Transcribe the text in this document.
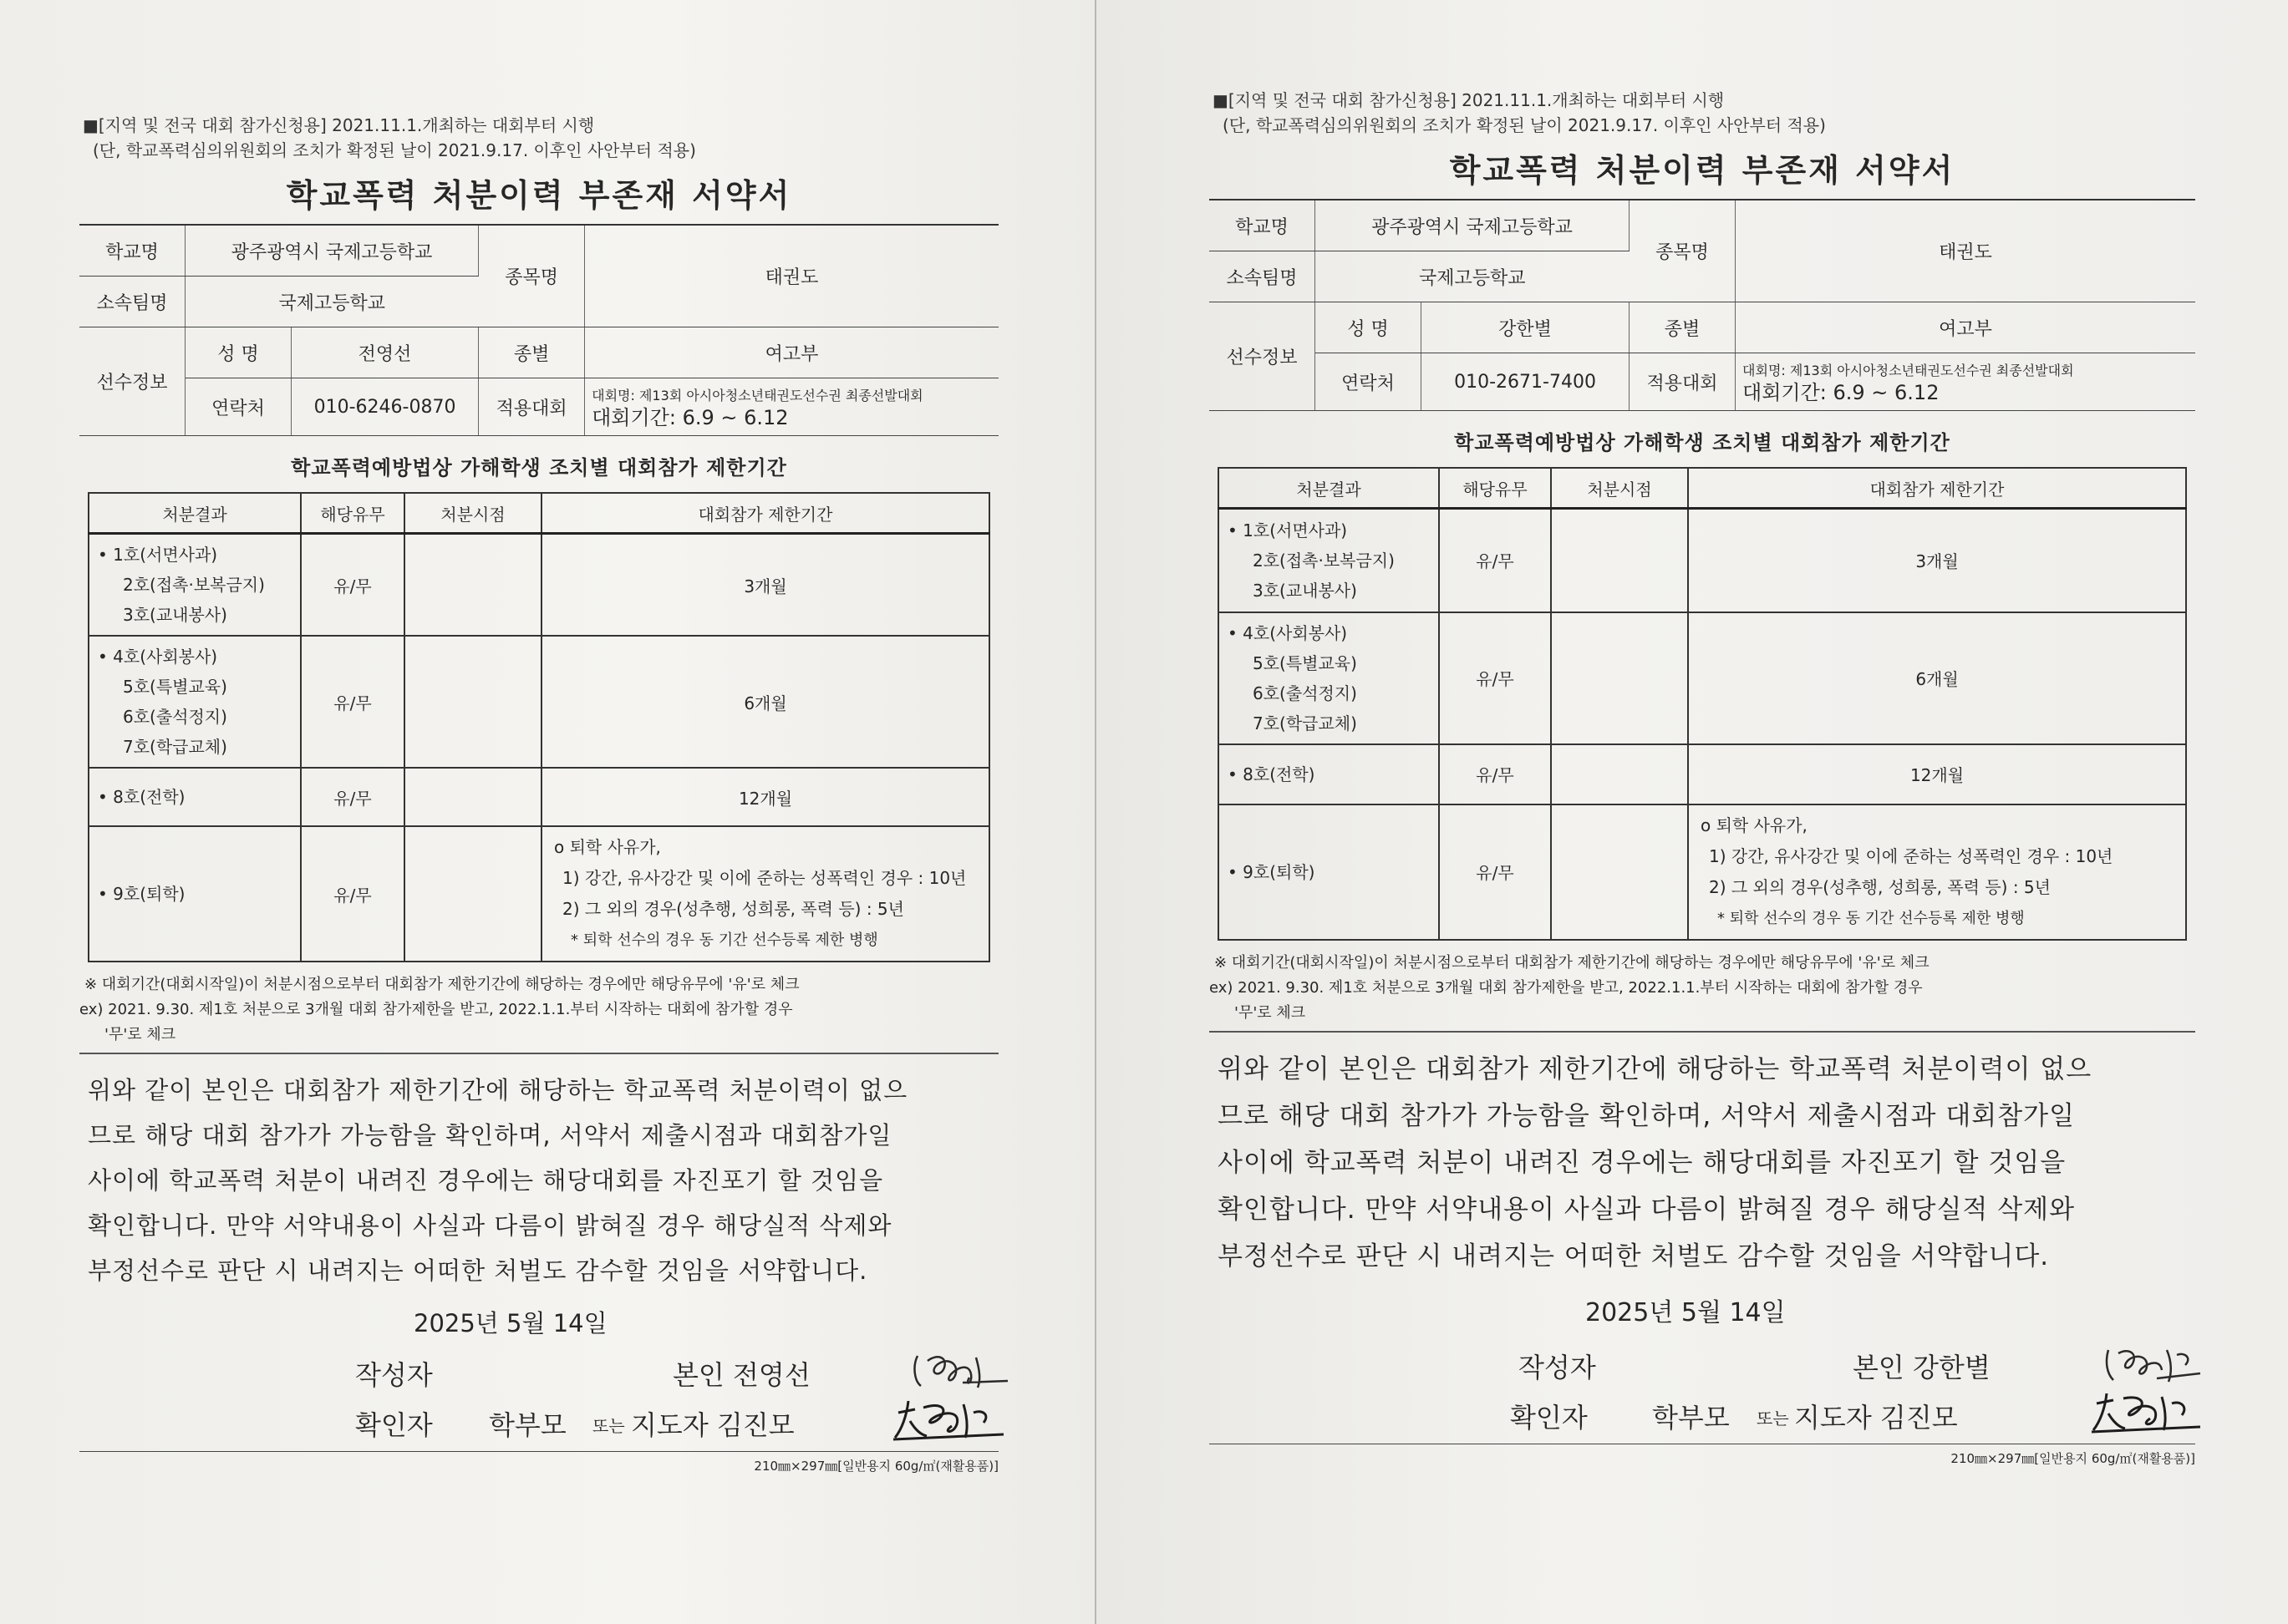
■[지역 및 전국 대회 참가신청용] 2021.11.1.개최하는 대회부터 시행
(단, 학교폭력심의위원회의 조치가 확정된 날이 2021.9.17. 이후인 사안부터 적용)
학교폭력 처분이력 부존재 서약서
학교명	광주광역시 국제고등학교		종목명	태권도
소속팀명	국제고등학교			
선수정보	성 명	전영선	종별	여고부
	연락처	010-6246-0870	적용대회	대회명: 제13회 아시아청소년태권도선수권 최종선발대회
대회기간: 6.9 ~ 6.12
학교폭력예방법상 가해학생 조치별 대회참가 제한기간
처분결과	해당유무	처분시점	대회참가 제한기간
• 1호(서면사과)
2호(접촉·보복금지)
3호(교내봉사)	유/무		3개월
• 4호(사회봉사)
5호(특별교육)
6호(출석정지)
7호(학급교체)	유/무		6개월
• 8호(전학)	유/무		12개월
• 9호(퇴학)	유/무		o 퇴학 사유가,
1) 강간, 유사강간 및 이에 준하는 성폭력인 경우 : 10년
2) 그 외의 경우(성추행, 성희롱, 폭력 등) : 5년
* 퇴학 선수의 경우 동 기간 선수등록 제한 병행
※ 대회기간(대회시작일)이 처분시점으로부터 대회참가 제한기간에 해당하는 경우에만 해당유무에 '유'로 체크
ex) 2021. 9.30. 제1호 처분으로 3개월 대회 참가제한을 받고, 2022.1.1.부터 시작하는 대회에 참가할 경우
'무'로 체크
위와 같이 본인은 대회참가 제한기간에 해당하는 학교폭력 처분이력이 없으
므로 해당 대회 참가가 가능함을 확인하며, 서약서 제출시점과 대회참가일
사이에 학교폭력 처분이 내려진 경우에는 해당대회를 자진포기 할 것임을
확인합니다. 만약 서약내용이 사실과 다름이 밝혀질 경우 해당실적 삭제와
부정선수로 판단 시 내려지는 어떠한 처벌도 감수할 것임을 서약합니다.
2025년 5월 14일
작성자	본인 전영선
확인자 학부모 또는 지도자 김진모
210㎜×297㎜[일반용지 60g/㎡(재활용품)]
■[지역 및 전국 대회 참가신청용] 2021.11.1.개최하는 대회부터 시행
(단, 학교폭력심의위원회의 조치가 확정된 날이 2021.9.17. 이후인 사안부터 적용)
학교폭력 처분이력 부존재 서약서
학교명	광주광역시 국제고등학교		종목명	태권도
소속팀명	국제고등학교			
선수정보	성 명	강한별	종별	여고부
	연락처	010-2671-7400	적용대회	대회명: 제13회 아시아청소년태권도선수권 최종선발대회
대회기간: 6.9 ~ 6.12
학교폭력예방법상 가해학생 조치별 대회참가 제한기간
처분결과	해당유무	처분시점	대회참가 제한기간
• 1호(서면사과)
2호(접촉·보복금지)
3호(교내봉사)	유/무		3개월
• 4호(사회봉사)
5호(특별교육)
6호(출석정지)
7호(학급교체)	유/무		6개월
• 8호(전학)	유/무		12개월
• 9호(퇴학)	유/무		o 퇴학 사유가,
1) 강간, 유사강간 및 이에 준하는 성폭력인 경우 : 10년
2) 그 외의 경우(성추행, 성희롱, 폭력 등) : 5년
* 퇴학 선수의 경우 동 기간 선수등록 제한 병행
※ 대회기간(대회시작일)이 처분시점으로부터 대회참가 제한기간에 해당하는 경우에만 해당유무에 '유'로 체크
ex) 2021. 9.30. 제1호 처분으로 3개월 대회 참가제한을 받고, 2022.1.1.부터 시작하는 대회에 참가할 경우
'무'로 체크
위와 같이 본인은 대회참가 제한기간에 해당하는 학교폭력 처분이력이 없으
므로 해당 대회 참가가 가능함을 확인하며, 서약서 제출시점과 대회참가일
사이에 학교폭력 처분이 내려진 경우에는 해당대회를 자진포기 할 것임을
확인합니다. 만약 서약내용이 사실과 다름이 밝혀질 경우 해당실적 삭제와
부정선수로 판단 시 내려지는 어떠한 처벌도 감수할 것임을 서약합니다.
2025년 5월 14일
작성자	본인 강한별
확인자 학부모 또는 지도자 김진모
210㎜×297㎜[일반용지 60g/㎡(재활용품)]
